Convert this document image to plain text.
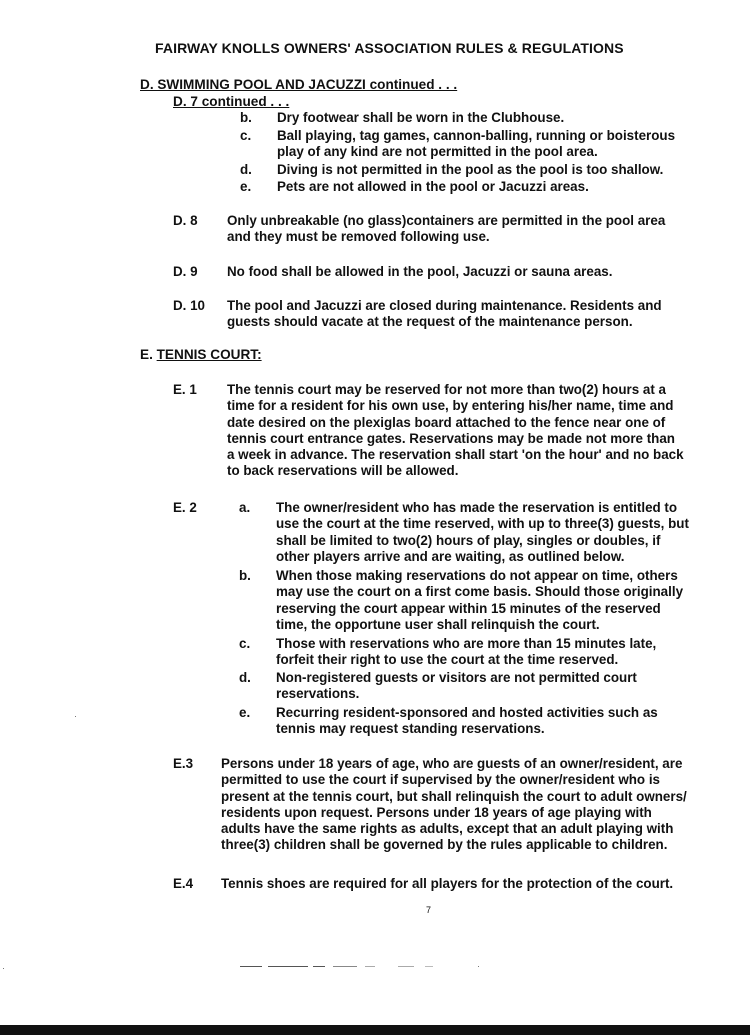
FAIRWAY KNOLLS OWNERS' ASSOCIATION RULES & REGULATIONS
D. SWIMMING POOL AND JACUZZI continued . . .
D. 7 continued . . .
b.	Dry footwear shall be worn in the Clubhouse.
c.	Ball playing, tag games, cannon-balling, running or boisterous
play of any kind are not permitted in the pool area.
d.	Diving is not permitted in the pool as the pool is too shallow.
e.	Pets are not allowed in the pool or Jacuzzi areas.
D. 8	Only unbreakable (no glass)containers are permitted in the pool area
and they must be removed following use.
D. 9	No food shall be allowed in the pool, Jacuzzi or sauna areas.
D. 10	The pool and Jacuzzi are closed during maintenance. Residents and
guests should vacate at the request of the maintenance person.
E. TENNIS COURT:
E. 1	The tennis court may be reserved for not more than two(2) hours at a
time for a resident for his own use, by entering his/her name, time and
date desired on the plexiglas board attached to the fence near one of
tennis court entrance gates. Reservations may be made not more than
a week in advance. The reservation shall start 'on the hour' and no back
to back reservations will be allowed.
E. 2	a.	The owner/resident who has made the reservation is entitled to
use the court at the time reserved, with up to three(3) guests, but
shall be limited to two(2) hours of play, singles or doubles, if
other players arrive and are waiting, as outlined below.
b.	When those making reservations do not appear on time, others
may use the court on a first come basis. Should those originally
reserving the court appear within 15 minutes of the reserved
time, the opportune user shall relinquish the court.
c.	Those with reservations who are more than 15 minutes late,
forfeit their right to use the court at the time reserved.
d.	Non-registered guests or visitors are not permitted court
reservations.
e.	Recurring resident-sponsored and hosted activities such as
tennis may request standing reservations.
E.3	Persons under 18 years of age, who are guests of an owner/resident, are
permitted to use the court if supervised by the owner/resident who is
present at the tennis court, but shall relinquish the court to adult owners/
residents upon request. Persons under 18 years of age playing with
adults have the same rights as adults, except that an adult playing with
three(3) children shall be governed by the rules applicable to children.
E.4	Tennis shoes are required for all players for the protection of the court.
7
